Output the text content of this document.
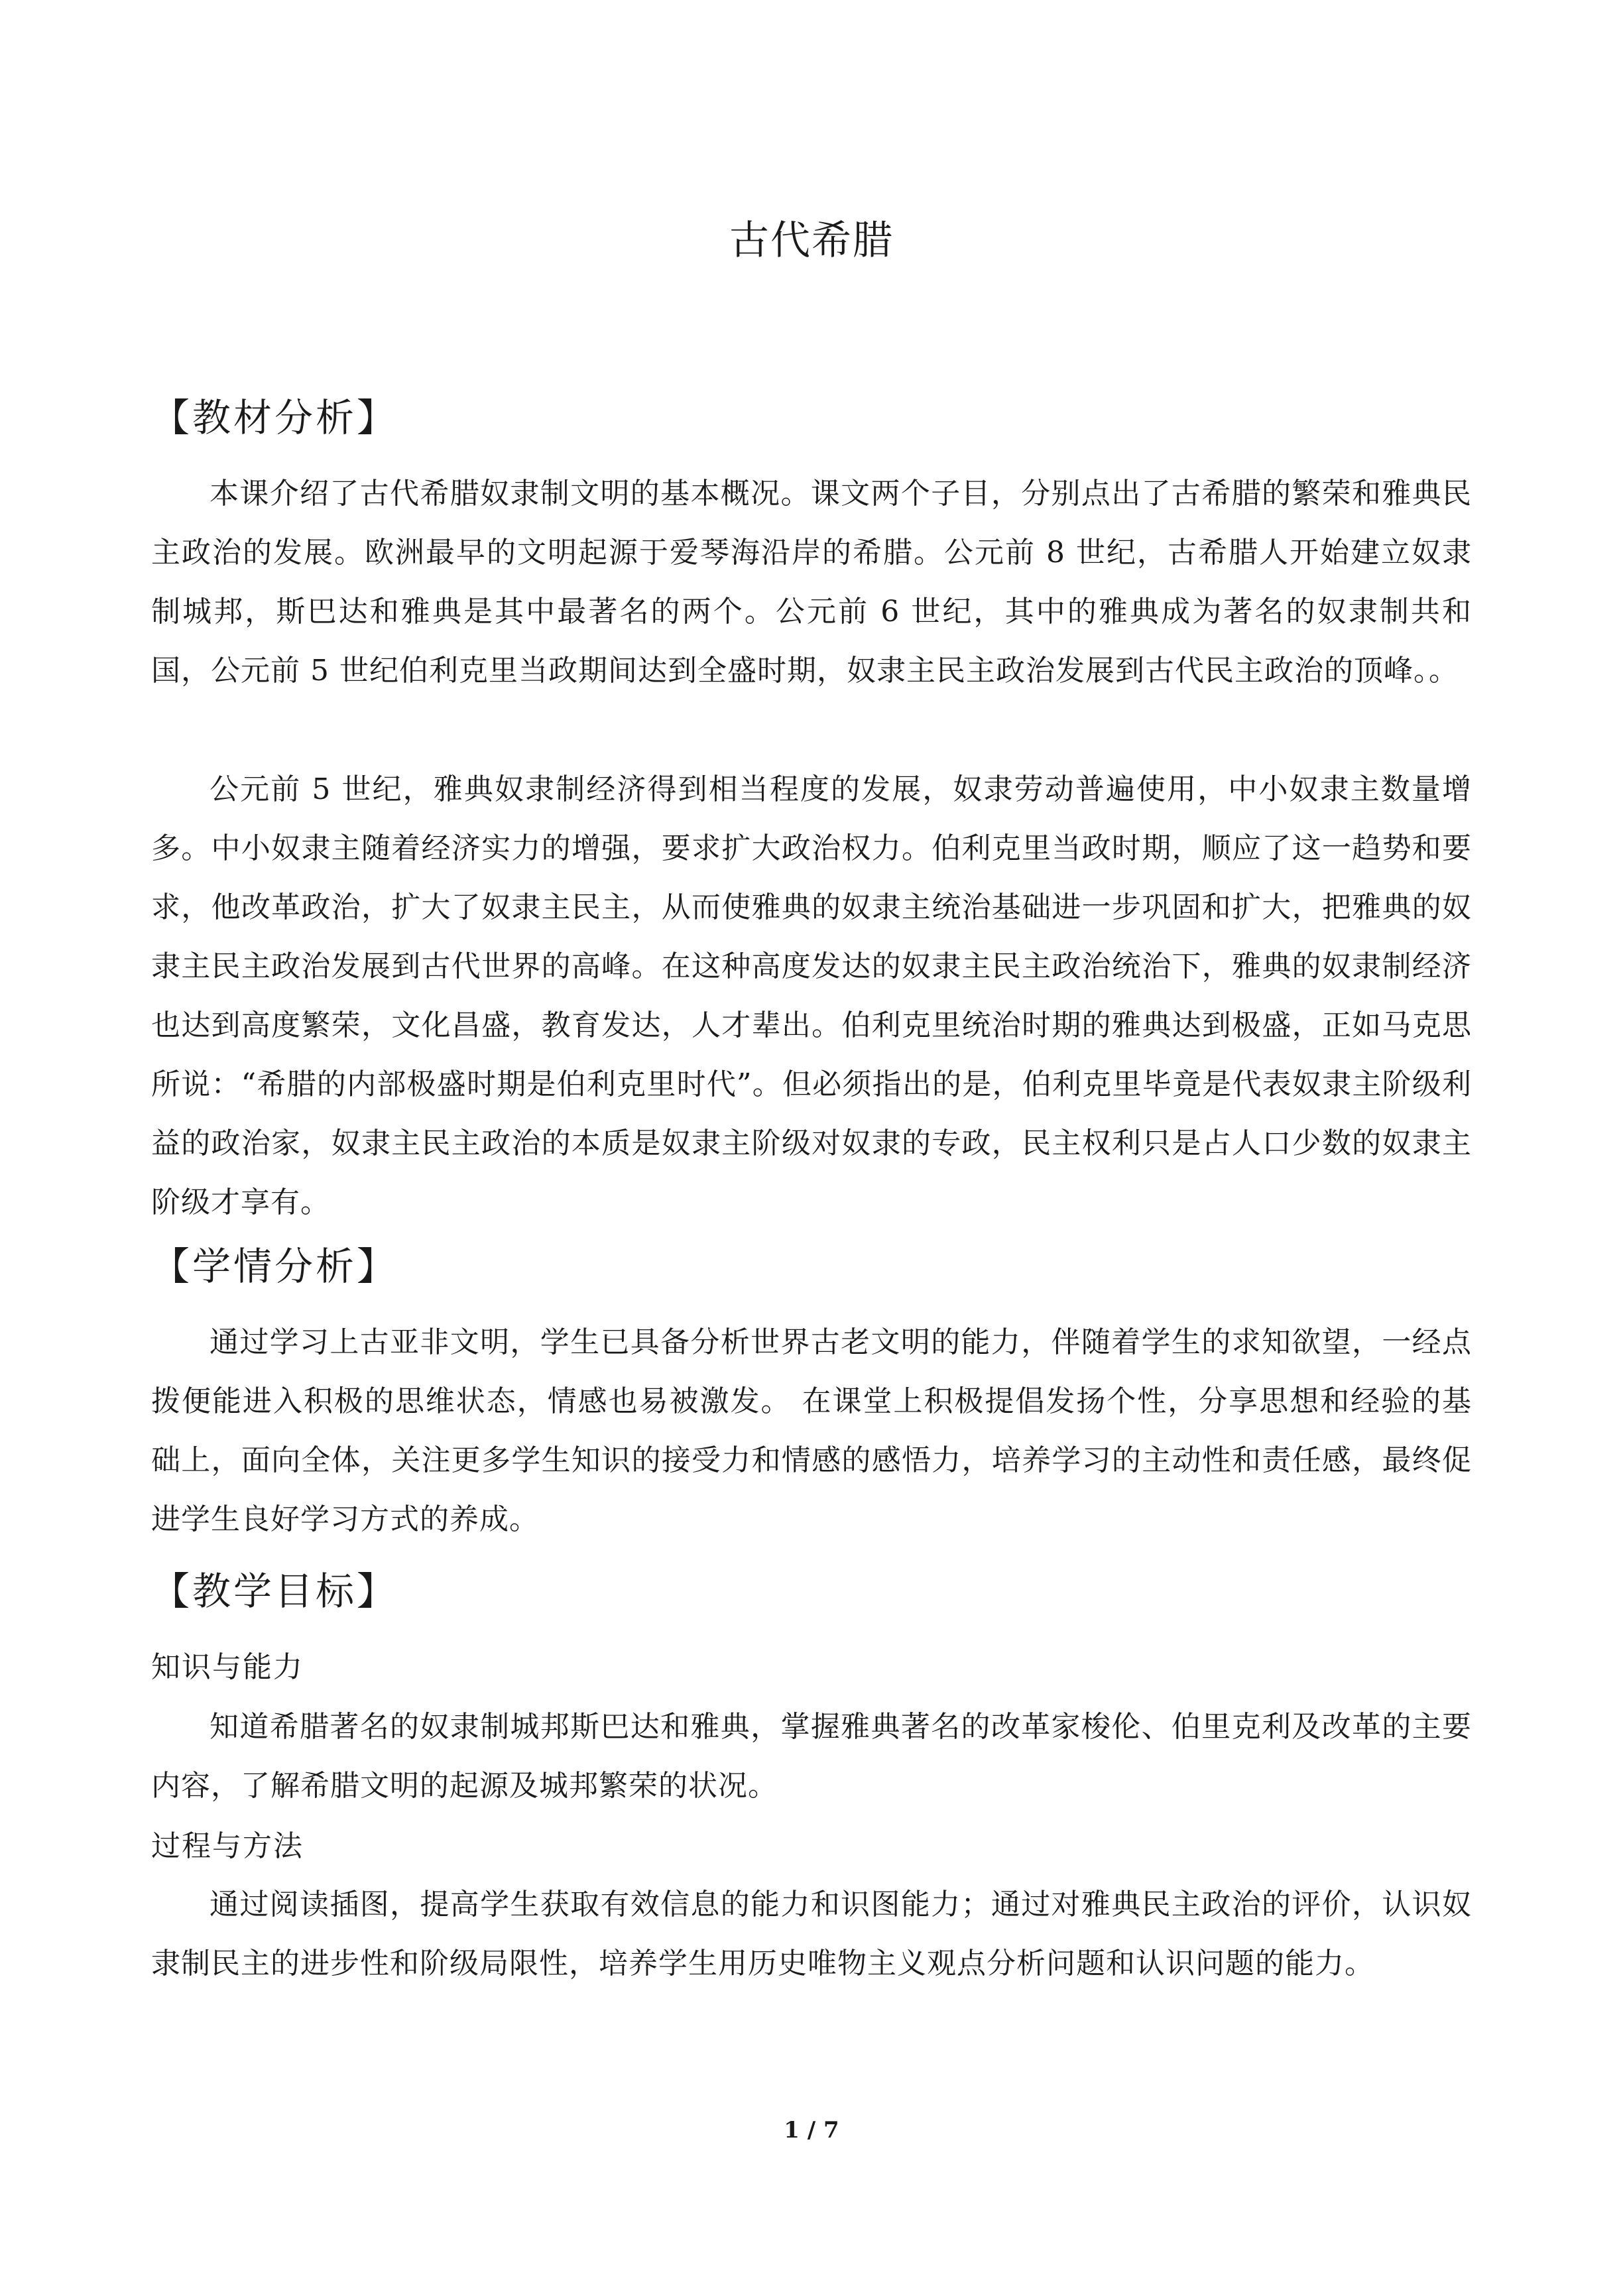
古代希腊
【教材分析】
本课介绍了古代希腊奴隶制文明的基本概况。课文两个子目，分别点出了古希腊的繁荣和雅典民主政治的发展。欧洲最早的文明起源于爱琴海沿岸的希腊。公元前 8 世纪，古希腊人开始建立奴隶制城邦，斯巴达和雅典是其中最著名的两个。公元前 6 世纪，其中的雅典成为著名的奴隶制共和国，公元前 5 世纪伯利克里当政期间达到全盛时期，奴隶主民主政治发展到古代民主政治的顶峰。。
公元前 5 世纪，雅典奴隶制经济得到相当程度的发展，奴隶劳动普遍使用，中小奴隶主数量增多。中小奴隶主随着经济实力的增强，要求扩大政治权力。伯利克里当政时期，顺应了这一趋势和要求，他改革政治，扩大了奴隶主民主，从而使雅典的奴隶主统治基础进一步巩固和扩大，把雅典的奴隶主民主政治发展到古代世界的高峰。在这种高度发达的奴隶主民主政治统治下，雅典的奴隶制经济也达到高度繁荣，文化昌盛，教育发达，人才辈出。伯利克里统治时期的雅典达到极盛，正如马克思所说：“希腊的内部极盛时期是伯利克里时代”。但必须指出的是，伯利克里毕竟是代表奴隶主阶级利益的政治家，奴隶主民主政治的本质是奴隶主阶级对奴隶的专政，民主权利只是占人口少数的奴隶主阶级才享有。
【学情分析】
通过学习上古亚非文明，学生已具备分析世界古老文明的能力，伴随着学生的求知欲望，一经点拨便能进入积极的思维状态，情感也易被激发。 在课堂上积极提倡发扬个性，分享思想和经验的基础上，面向全体，关注更多学生知识的接受力和情感的感悟力，培养学习的主动性和责任感，最终促进学生良好学习方式的养成。
【教学目标】
知识与能力
知道希腊著名的奴隶制城邦斯巴达和雅典，掌握雅典著名的改革家梭伦、伯里克利及改革的主要内容，了解希腊文明的起源及城邦繁荣的状况。
过程与方法
通过阅读插图，提高学生获取有效信息的能力和识图能力；通过对雅典民主政治的评价，认识奴隶制民主的进步性和阶级局限性，培养学生用历史唯物主义观点分析问题和认识问题的能力。
1 / 7
